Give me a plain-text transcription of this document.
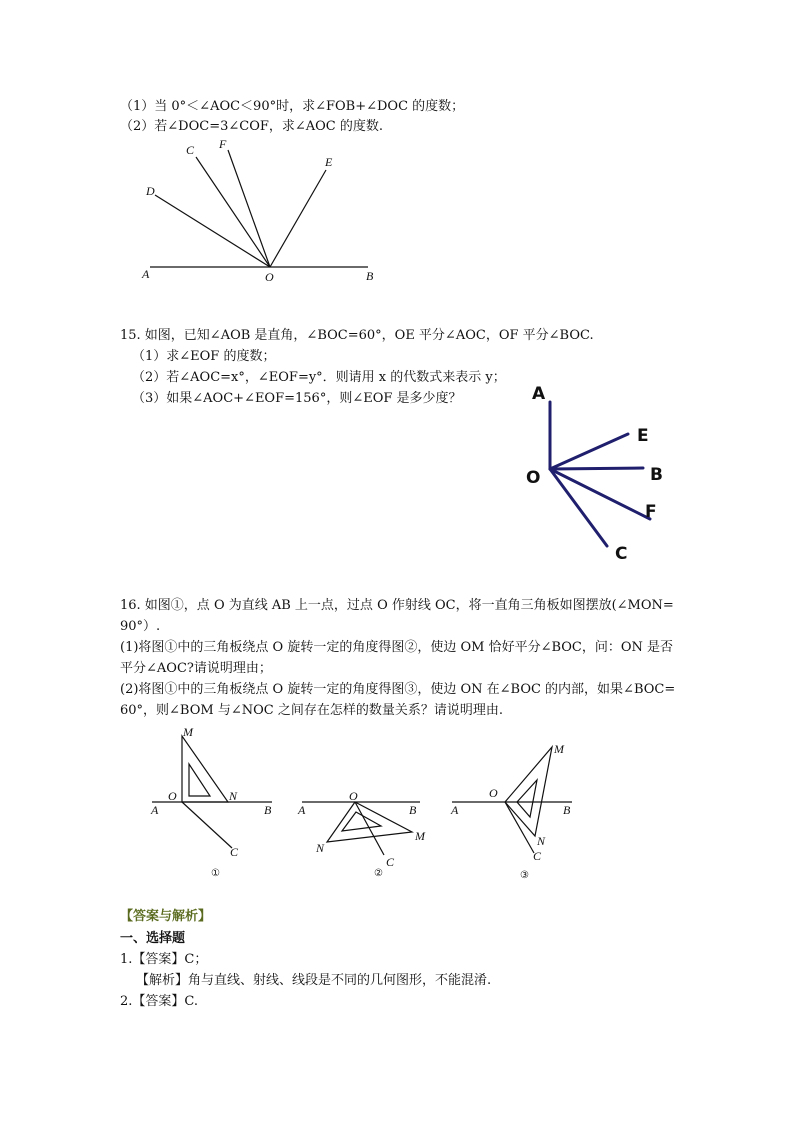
（1）当 0°＜∠AOC＜90°时，求∠FOB+∠DOC 的度数；
（2）若∠DOC=3∠COF，求∠AOC 的度数.
A	O	B
D
C F
E
15. 如图，已知∠AOB 是直角，∠BOC=60°，OE 平分∠AOC，OF 平分∠BOC.
（1）求∠EOF 的度数；
（2）若∠AOC=x°，∠EOF=y°．则请用 x 的代数式来表示 y；
（3）如果∠AOC+∠EOF=156°，则∠EOF 是多少度？	A
E
O	B
F
C
16. 如图①，点 O 为直线 AB 上一点，过点 O 作射线 OC，将一直角三角板如图摆放(∠MON=
90°）.
(1)将图①中的三角板绕点 O 旋转一定的角度得图②，使边 OM 恰好平分∠BOC，问：ON 是否
平分∠AOC?请说明理由；
(2)将图①中的三角板绕点 O 旋转一定的角度得图③，使边 ON 在∠BOC 的内部，如果∠BOC=
60°，则∠BOM 与∠NOC 之间存在怎样的数量关系？请说明理由.
M
O	N
A	B
C
①
O
A	B
M
N
C
②
M
O
A	B
N
C
③
【答案与解析】
一、选择题
1.【答案】C；
【解析】角与直线、射线、线段是不同的几何图形，不能混淆.
2.【答案】C.
